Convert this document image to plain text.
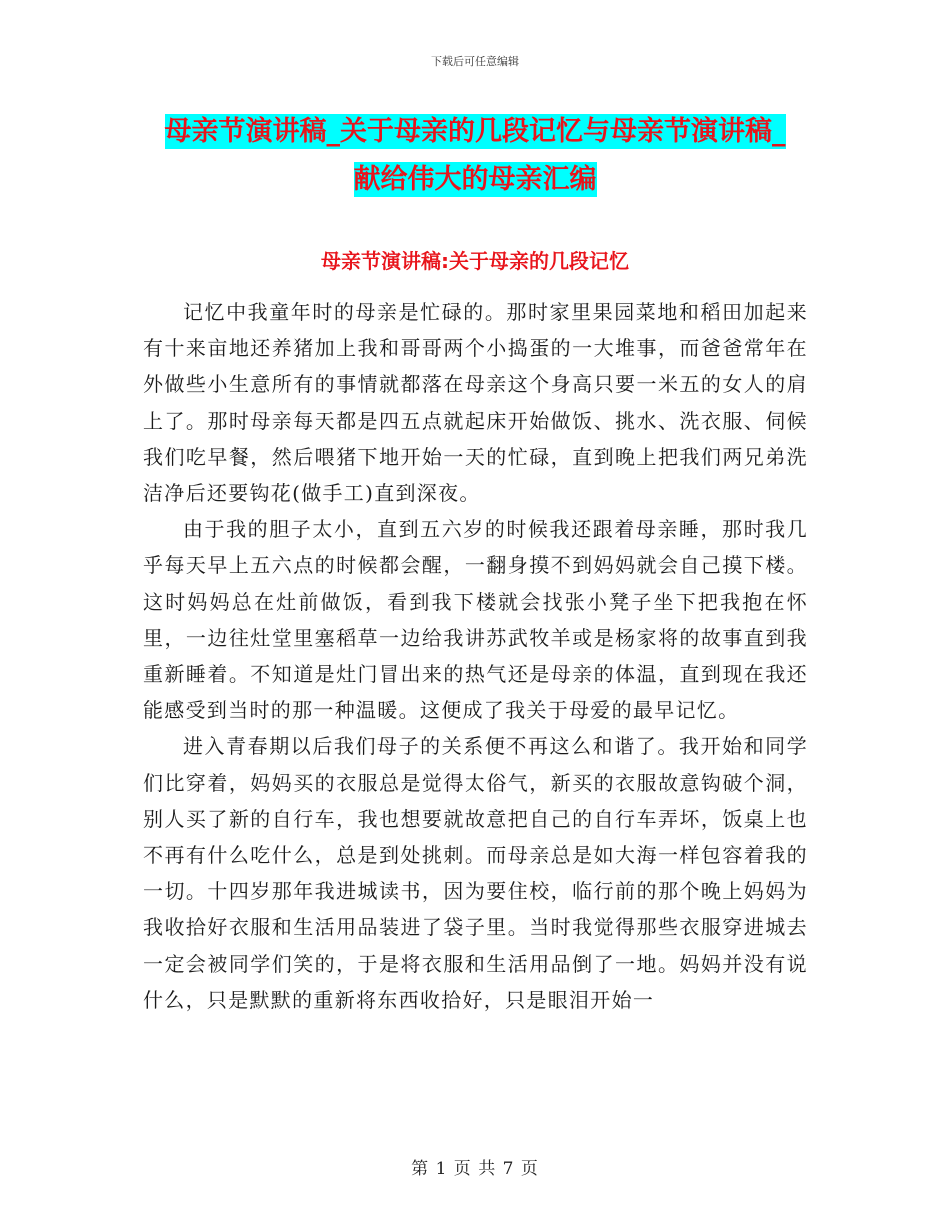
下载后可任意编辑
母亲节演讲稿_关于母亲的几段记忆与母亲节演讲稿_
献给伟大的母亲汇编
母亲节演讲稿:关于母亲的几段记忆

记忆中我童年时的母亲是忙碌的。那时家里果园菜地和稻田加起来有十来亩地还养猪加上我和哥哥两个小捣蛋的一大堆事，而爸爸常年在外做些小生意所有的事情就都落在母亲这个身高只要一米五的女人的肩上了。那时母亲每天都是四五点就起床开始做饭、挑水、洗衣服、伺候我们吃早餐，然后喂猪下地开始一天的忙碌，直到晚上把我们两兄弟洗洁净后还要钩花(做手工)直到深夜。

由于我的胆子太小，直到五六岁的时候我还跟着母亲睡，那时我几乎每天早上五六点的时候都会醒，一翻身摸不到妈妈就会自己摸下楼。这时妈妈总在灶前做饭，看到我下楼就会找张小凳子坐下把我抱在怀里，一边往灶堂里塞稻草一边给我讲苏武牧羊或是杨家将的故事直到我重新睡着。不知道是灶门冒出来的热气还是母亲的体温，直到现在我还能感受到当时的那一种温暖。这便成了我关于母爱的最早记忆。

进入青春期以后我们母子的关系便不再这么和谐了。我开始和同学们比穿着，妈妈买的衣服总是觉得太俗气，新买的衣服故意钩破个洞，别人买了新的自行车，我也想要就故意把自己的自行车弄坏，饭桌上也不再有什么吃什么，总是到处挑刺。而母亲总是如大海一样包容着我的一切。十四岁那年我进城读书，因为要住校，临行前的那个晚上妈妈为我收拾好衣服和生活用品装进了袋子里。当时我觉得那些衣服穿进城去一定会被同学们笑的，于是将衣服和生活用品倒了一地。妈妈并没有说什么，只是默默的重新将东西收拾好，只是眼泪开始一

第 1 页 共 7 页
